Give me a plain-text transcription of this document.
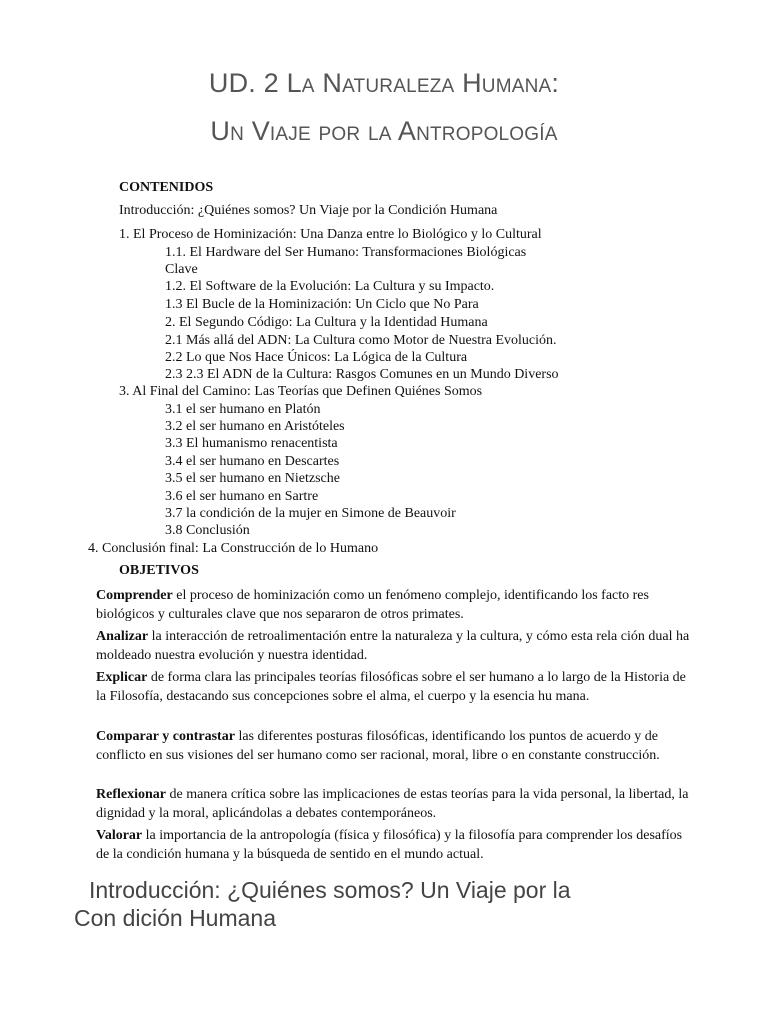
UD. 2 La Naturaleza Humana:
Un Viaje por la Antropología
CONTENIDOS
Introducción: ¿Quiénes somos? Un Viaje por la Condición Humana
1. El Proceso de Hominización: Una Danza entre lo Biológico y lo Cultural
1.1. El Hardware del Ser Humano: Transformaciones Biológicas
Clave
1.2. El Software de la Evolución: La Cultura y su Impacto.
1.3 El Bucle de la Hominización: Un Ciclo que No Para
2. El Segundo Código: La Cultura y la Identidad Humana
2.1 Más allá del ADN: La Cultura como Motor de Nuestra Evolución.
2.2 Lo que Nos Hace Únicos: La Lógica de la Cultura
2.3 2.3 El ADN de la Cultura: Rasgos Comunes en un Mundo Diverso
3. Al Final del Camino: Las Teorías que Definen Quiénes Somos
3.1 el ser humano en Platón
3.2 el ser humano en Aristóteles
3.3 El humanismo renacentista
3.4 el ser humano en Descartes
3.5 el ser humano en Nietzsche
3.6 el ser humano en Sartre
3.7 la condición de la mujer en Simone de Beauvoir
3.8 Conclusión
4. Conclusión final: La Construcción de lo Humano
OBJETIVOS

Comprender el proceso de hominización como un fenómeno complejo, identificando los facto res biológicos y culturales clave que nos separaron de otros primates.

Analizar la interacción de retroalimentación entre la naturaleza y la cultura, y cómo esta rela ción dual ha moldeado nuestra evolución y nuestra identidad.

Explicar de forma clara las principales teorías filosóficas sobre el ser humano a lo largo de la Historia de la Filosofía, destacando sus concepciones sobre el alma, el cuerpo y la esencia hu mana.

Comparar y contrastar las diferentes posturas filosóficas, identificando los puntos de acuerdo y de conflicto en sus visiones del ser humano como ser racional, moral, libre o en constante construcción.

Reflexionar de manera crítica sobre las implicaciones de estas teorías para la vida personal, la libertad, la dignidad y la moral, aplicándolas a debates contemporáneos.

Valorar la importancia de la antropología (física y filosófica) y la filosofía para comprender los desafíos de la condición humana y la búsqueda de sentido en el mundo actual.

Introducción: ¿Quiénes somos? Un Viaje por la
Con dición Humana
